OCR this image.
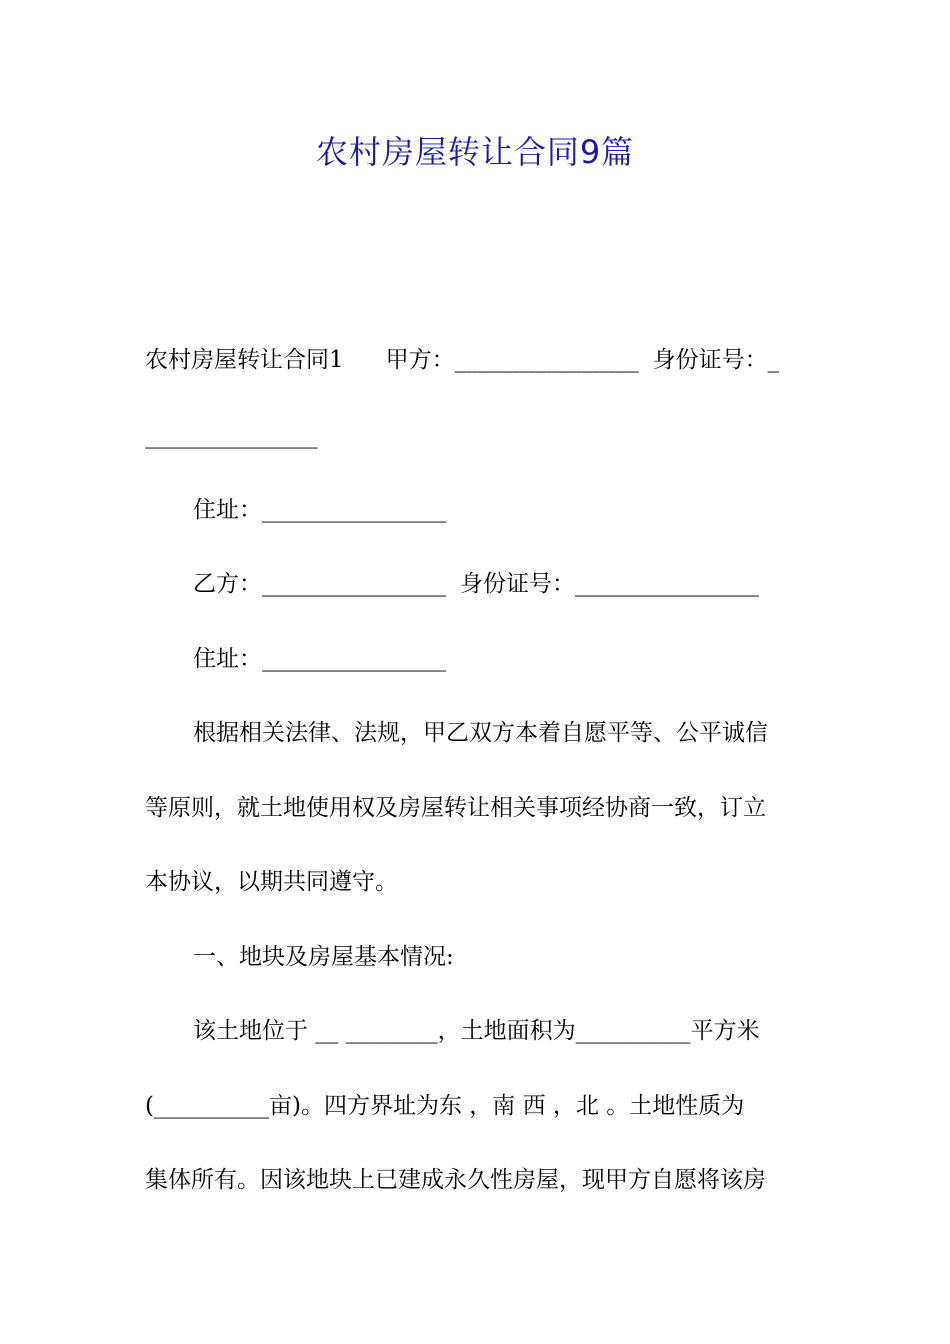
农村房屋转让合同9篇
农村房屋转让合同1 甲方：________________ 身份证号：_
_______________
住址：________________
乙方：________________ 身份证号：________________
住址：________________
根据相关法律、法规，甲乙双方本着自愿平等、公平诚信
等原则，就土地使用权及房屋转让相关事项经协商一致，订立
本协议，以期共同遵守。
一、地块及房屋基本情况:
该土地位于 __ ________，土地面积为__________平方米
(__________亩)。四方界址为东 ，南 西 ，北 。土地性质为
集体所有。因该地块上已建成永久性房屋，现甲方自愿将该房
